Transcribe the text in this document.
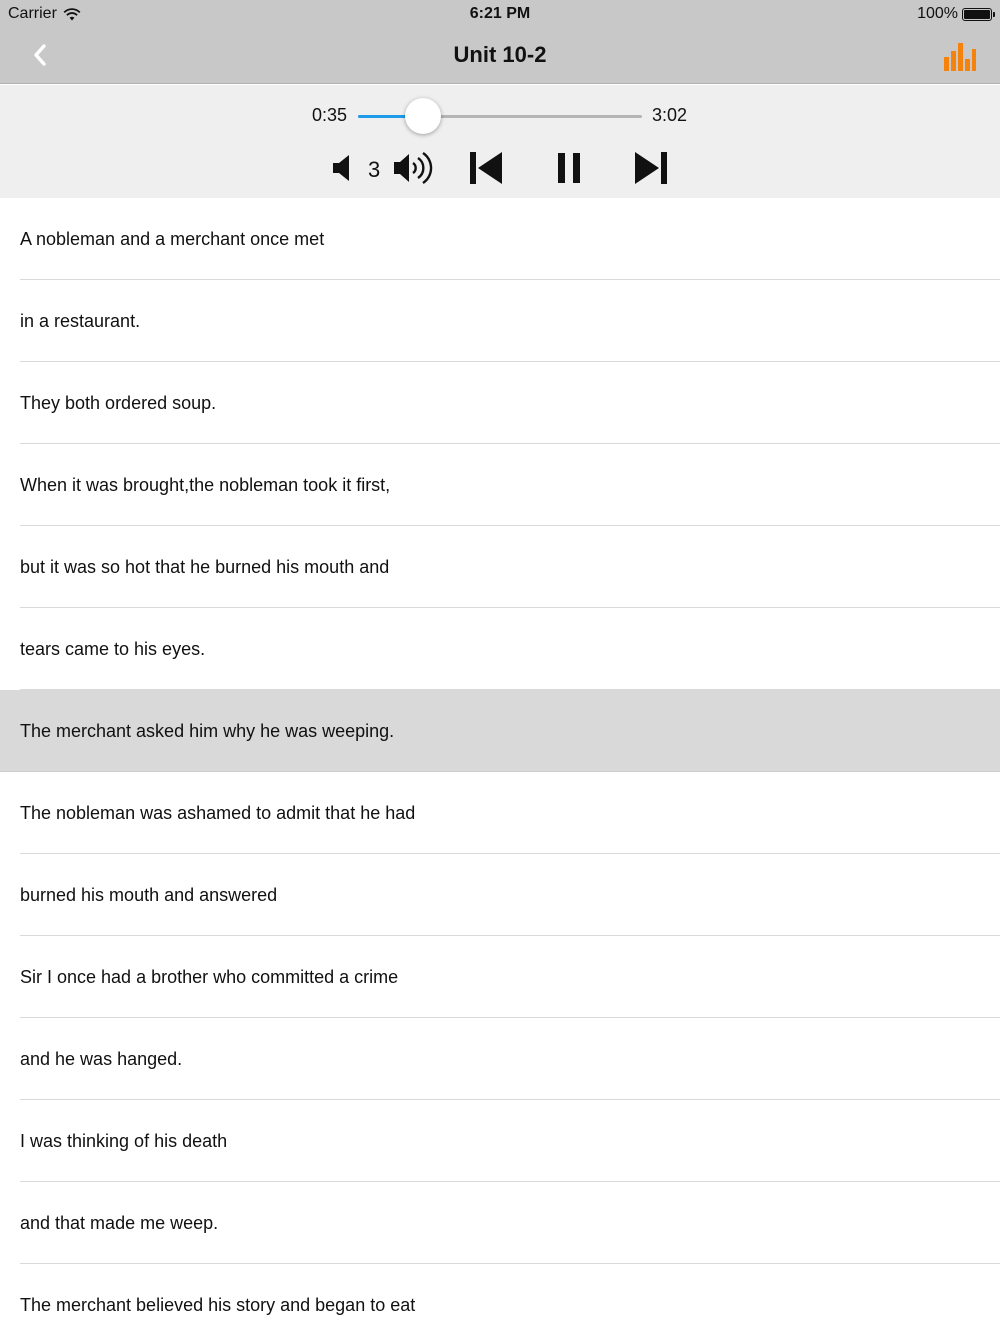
Carrier	6:21 PM	100%
Unit 10-2
0:35	3:02
3
A nobleman and a merchant once met
in a restaurant.
They both ordered soup.
When it was brought,the nobleman took it first,
but it was so hot that he burned his mouth and
tears came to his eyes.
The merchant asked him why he was weeping.
The nobleman was ashamed to admit that he had
burned his mouth and answered
Sir I once had a brother who committed a crime
and he was hanged.
I was thinking of his death
and that made me weep.
The merchant believed his story and began to eat
